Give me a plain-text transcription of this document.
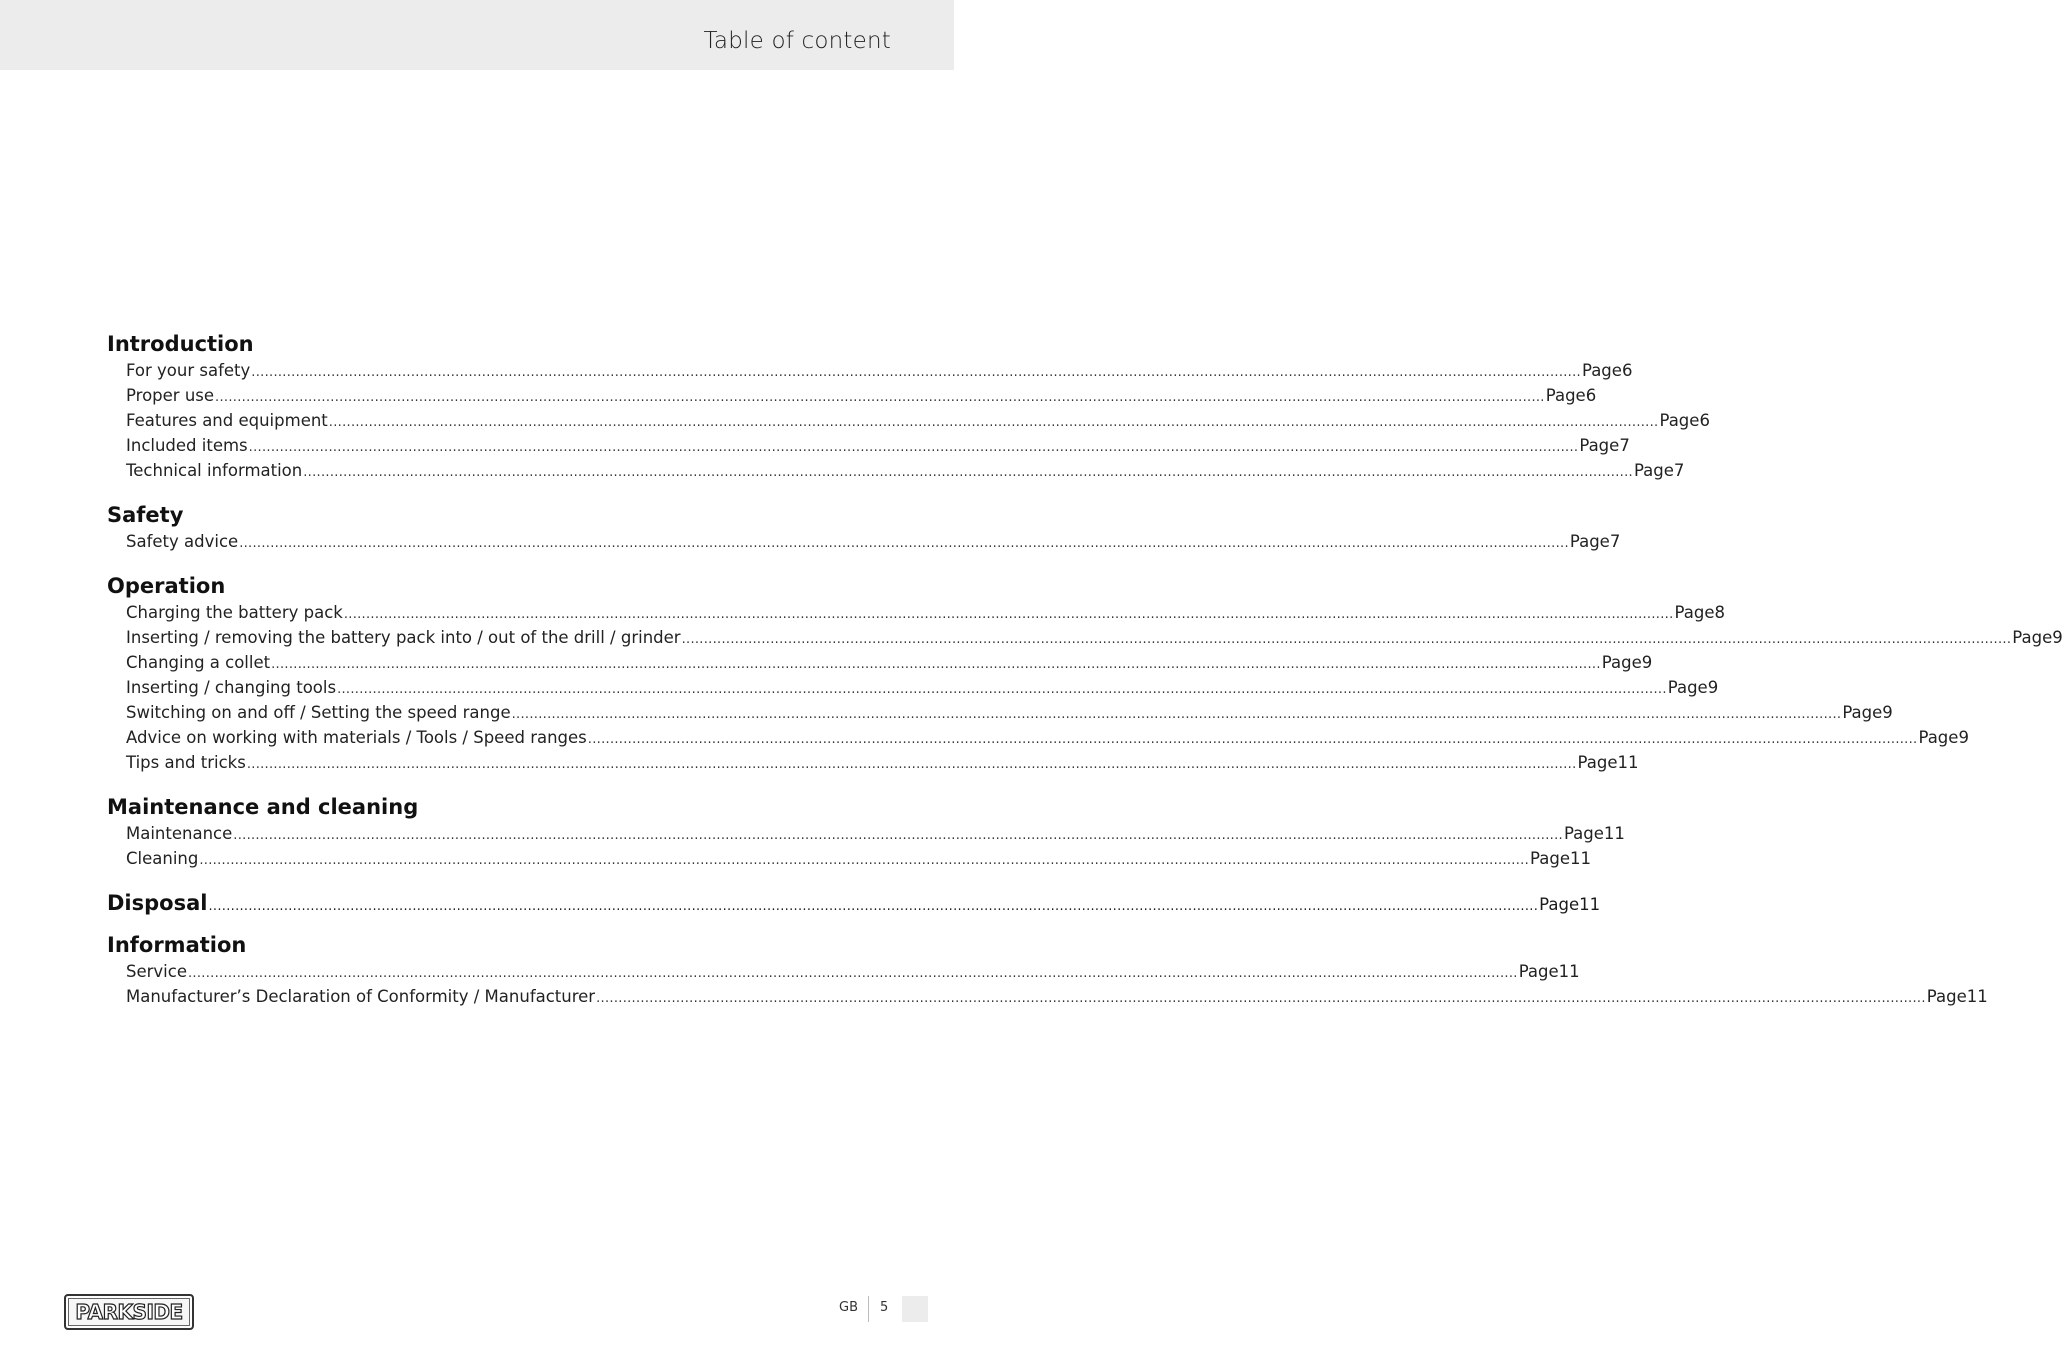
Table of content
Introduction
For your safety ............................................................................................................................................................................................................................................................................................................ Page 6
Proper use ............................................................................................................................................................................................................................................................................................................ Page 6
Features and equipment ............................................................................................................................................................................................................................................................................................................ Page 6
Included items ............................................................................................................................................................................................................................................................................................................ Page 7
Technical information ............................................................................................................................................................................................................................................................................................................ Page 7
Safety
Safety advice ............................................................................................................................................................................................................................................................................................................ Page 7
Operation
Charging the battery pack ............................................................................................................................................................................................................................................................................................................ Page 8
Inserting / removing the battery pack into / out of the drill / grinder ............................................................................................................................................................................................................................................................................................................ Page 9
Changing a collet ............................................................................................................................................................................................................................................................................................................ Page 9
Inserting / changing tools ............................................................................................................................................................................................................................................................................................................ Page 9
Switching on and off / Setting the speed range ............................................................................................................................................................................................................................................................................................................ Page 9
Advice on working with materials / Tools / Speed ranges ............................................................................................................................................................................................................................................................................................................ Page 9
Tips and tricks ............................................................................................................................................................................................................................................................................................................ Page 11
Maintenance and cleaning
Maintenance ............................................................................................................................................................................................................................................................................................................ Page 11
Cleaning ............................................................................................................................................................................................................................................................................................................ Page 11
Disposal ............................................................................................................................................................................................................................................................................................................ Page 11
Information
Service ............................................................................................................................................................................................................................................................................................................ Page 11
Manufacturer’s Declaration of Conformity / Manufacturer ............................................................................................................................................................................................................................................................................................................ Page 11
PARKSIDE	GB 5
